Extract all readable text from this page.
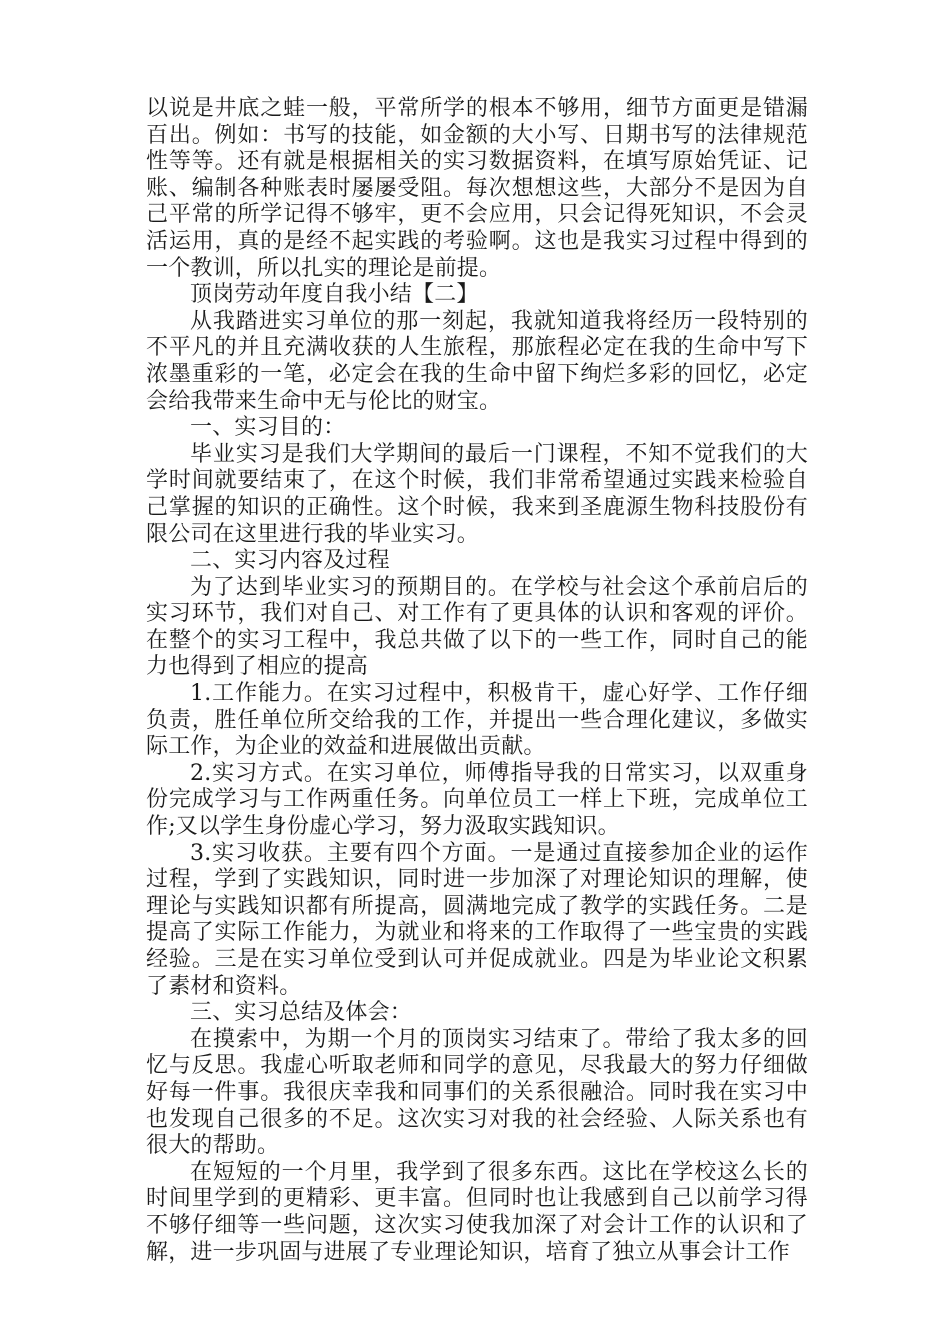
以说是井底之蛙一般，平常所学的根本不够用，细节方面更是错漏百出。例如：书写的技能，如金额的大小写、日期书写的法律规范性等等。还有就是根据相关的实习数据资料，在填写原始凭证、记账、编制各种账表时屡屡受阻。每次想想这些，大部分不是因为自己平常的所学记得不够牢，更不会应用，只会记得死知识，不会灵活运用，真的是经不起实践的考验啊。这也是我实习过程中得到的一个教训，所以扎实的理论是前提。

顶岗劳动年度自我小结【二】

从我踏进实习单位的那一刻起，我就知道我将经历一段特别的不平凡的并且充满收获的人生旅程，那旅程必定在我的生命中写下浓墨重彩的一笔，必定会在我的生命中留下绚烂多彩的回忆，必定会给我带来生命中无与伦比的财宝。

一、实习目的：

毕业实习是我们大学期间的最后一门课程，不知不觉我们的大学时间就要结束了，在这个时候，我们非常希望通过实践来检验自己掌握的知识的正确性。这个时候，我来到圣鹿源生物科技股份有限公司在这里进行我的毕业实习。

二、实习内容及过程

为了达到毕业实习的预期目的。在学校与社会这个承前启后的实习环节，我们对自己、对工作有了更具体的认识和客观的评价。在整个的实习工程中，我总共做了以下的一些工作，同时自己的能力也得到了相应的提高

1.工作能力。在实习过程中，积极肯干，虚心好学、工作仔细负责，胜任单位所交给我的工作，并提出一些合理化建议，多做实际工作，为企业的效益和进展做出贡献。

2.实习方式。在实习单位，师傅指导我的日常实习，以双重身份完成学习与工作两重任务。向单位员工一样上下班，完成单位工作;又以学生身份虚心学习，努力汲取实践知识。

3.实习收获。主要有四个方面。一是通过直接参加企业的运作过程，学到了实践知识，同时进一步加深了对理论知识的理解，使理论与实践知识都有所提高，圆满地完成了教学的实践任务。二是提高了实际工作能力，为就业和将来的工作取得了一些宝贵的实践经验。三是在实习单位受到认可并促成就业。四是为毕业论文积累了素材和资料。

三、实习总结及体会：

在摸索中，为期一个月的顶岗实习结束了。带给了我太多的回忆与反思。我虚心听取老师和同学的意见，尽我最大的努力仔细做好每一件事。我很庆幸我和同事们的关系很融洽。同时我在实习中也发现自己很多的不足。这次实习对我的社会经验、人际关系也有很大的帮助。

在短短的一个月里，我学到了很多东西。这比在学校这么长的时间里学到的更精彩、更丰富。但同时也让我感到自己以前学习得不够仔细等一些问题，这次实习使我加深了对会计工作的认识和了解，进一步巩固与进展了专业理论知识，培育了独立从事会计工作
